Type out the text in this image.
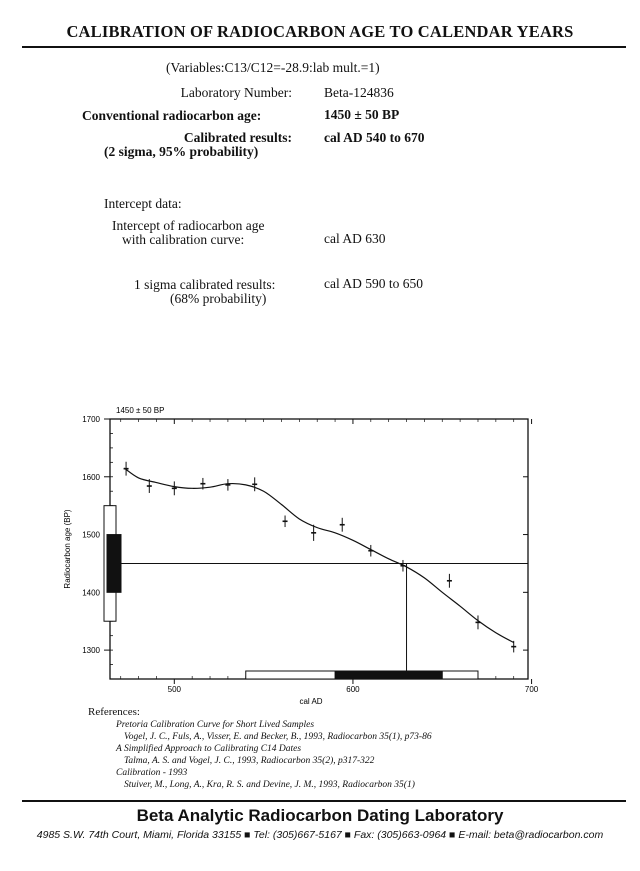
CALIBRATION OF RADIOCARBON AGE TO CALENDAR YEARS
(Variables:C13/C12=-28.9:lab mult.=1)
Laboratory Number: Beta-124836
Conventional radiocarbon age:	1450 ± 50 BP
Calibrated results:
(2 sigma, 95% probability)
cal AD 540 to 670
Intercept data:
Intercept of radiocarbon age
with calibration curve:	cal AD 630
1 sigma calibrated results:
(68% probability)
cal AD 590 to 650
1300
1400
1500
1600
1700
500	600	700
cal AD
Radiocarbon age (BP)
1450 ± 50 BP
References:
Pretoria Calibration Curve for Short Lived Samples
Vogel, J. C., Fuls, A., Visser, E. and Becker, B., 1993, Radiocarbon 35(1), p73-86
A Simplified Approach to Calibrating C14 Dates
Talma, A. S. and Vogel, J. C., 1993, Radiocarbon 35(2), p317-322
Calibration - 1993
Stuiver, M., Long, A., Kra, R. S. and Devine, J. M., 1993, Radiocarbon 35(1)
Beta Analytic Radiocarbon Dating Laboratory
4985 S.W. 74th Court, Miami, Florida 33155 ■ Tel: (305)667-5167 ■ Fax: (305)663-0964 ■ E-mail: beta@radiocarbon.com
